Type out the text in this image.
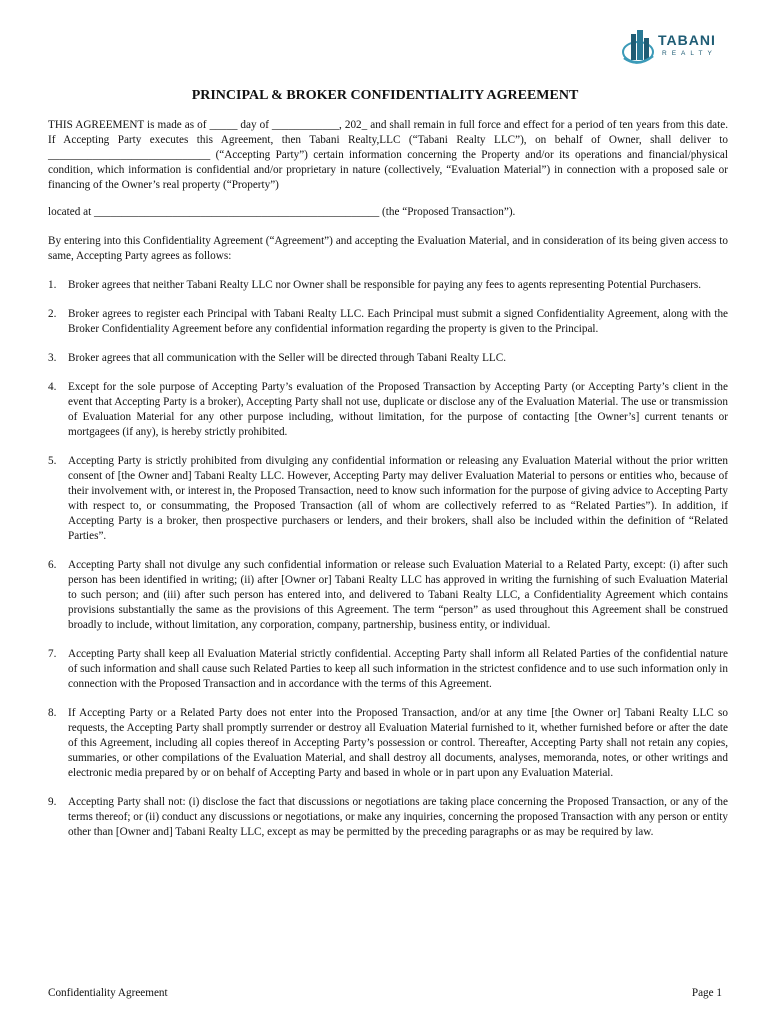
TABANI
REALTY
PRINCIPAL & BROKER CONFIDENTIALITY AGREEMENT

THIS AGREEMENT is made as of _____ day of ____________, 202_ and shall remain in full force and effect for a period of ten years from this date. If Accepting Party executes this Agreement, then Tabani Realty,LLC (“Tabani Realty LLC”), on behalf of Owner, shall deliver to _____________________________ (“Accepting Party”) certain information concerning the Property and/or its operations and financial/physical condition, which information is confidential and/or proprietary in nature (collectively, “Evaluation Material”) in connection with a proposed sale or financing of the Owner’s real property (“Property”)

located at ___________________________________________________ (the “Proposed Transaction”).

By entering into this Confidentiality Agreement (“Agreement”) and accepting the Evaluation Material, and in consideration of its being given access to same, Accepting Party agrees as follows:

1. Broker agrees that neither Tabani Realty LLC nor Owner shall be responsible for paying any fees to agents representing Potential Purchasers.
2. Broker agrees to register each Principal with Tabani Realty LLC. Each Principal must submit a signed Confidentiality Agreement, along with the Broker Confidentiality Agreement before any confidential information regarding the property is given to the Principal.
3. Broker agrees that all communication with the Seller will be directed through Tabani Realty LLC.
4. Except for the sole purpose of Accepting Party’s evaluation of the Proposed Transaction by Accepting Party (or Accepting Party’s client in the event that Accepting Party is a broker), Accepting Party shall not use, duplicate or disclose any of the Evaluation Material. The use or transmission of Evaluation Material for any other purpose including, without limitation, for the purpose of contacting [the Owner’s] current tenants or mortgagees (if any), is hereby strictly prohibited.
5. Accepting Party is strictly prohibited from divulging any confidential information or releasing any Evaluation Material without the prior written consent of [the Owner and] Tabani Realty LLC. However, Accepting Party may deliver Evaluation Material to persons or entities who, because of their involvement with, or interest in, the Proposed Transaction, need to know such information for the purpose of giving advice to Accepting Party with respect to, or consummating, the Proposed Transaction (all of whom are collectively referred to as “Related Parties”). In addition, if Accepting Party is a broker, then prospective purchasers or lenders, and their brokers, shall also be included within the definition of “Related Parties”.
6. Accepting Party shall not divulge any such confidential information or release such Evaluation Material to a Related Party, except: (i) after such person has been identified in writing; (ii) after [Owner or] Tabani Realty LLC has approved in writing the furnishing of such Evaluation Material to such person; and (iii) after such person has entered into, and delivered to Tabani Realty LLC, a Confidentiality Agreement which contains provisions substantially the same as the provisions of this Agreement. The term “person” as used throughout this Agreement shall be construed broadly to include, without limitation, any corporation, company, partnership, business entity, or individual.
7. Accepting Party shall keep all Evaluation Material strictly confidential. Accepting Party shall inform all Related Parties of the confidential nature of such information and shall cause such Related Parties to keep all such information in the strictest confidence and to use such information only in connection with the Proposed Transaction and in accordance with the terms of this Agreement.
8. If Accepting Party or a Related Party does not enter into the Proposed Transaction, and/or at any time [the Owner or] Tabani Realty LLC so requests, the Accepting Party shall promptly surrender or destroy all Evaluation Material furnished to it, whether furnished before or after the date of this Agreement, including all copies thereof in Accepting Party’s possession or control. Thereafter, Accepting Party shall not retain any copies, summaries, or other compilations of the Evaluation Material, and shall destroy all documents, analyses, memoranda, notes, or other writings and electronic media prepared by or on behalf of Accepting Party and based in whole or in part upon any Evaluation Material.
9. Accepting Party shall not: (i) disclose the fact that discussions or negotiations are taking place concerning the Proposed Transaction, or any of the terms thereof; or (ii) conduct any discussions or negotiations, or make any inquiries, concerning the proposed Transaction with any person or entity other than [Owner and] Tabani Realty LLC, except as may be permitted by the preceding paragraphs or as may be required by law.
Confidentiality Agreement	Page 1
